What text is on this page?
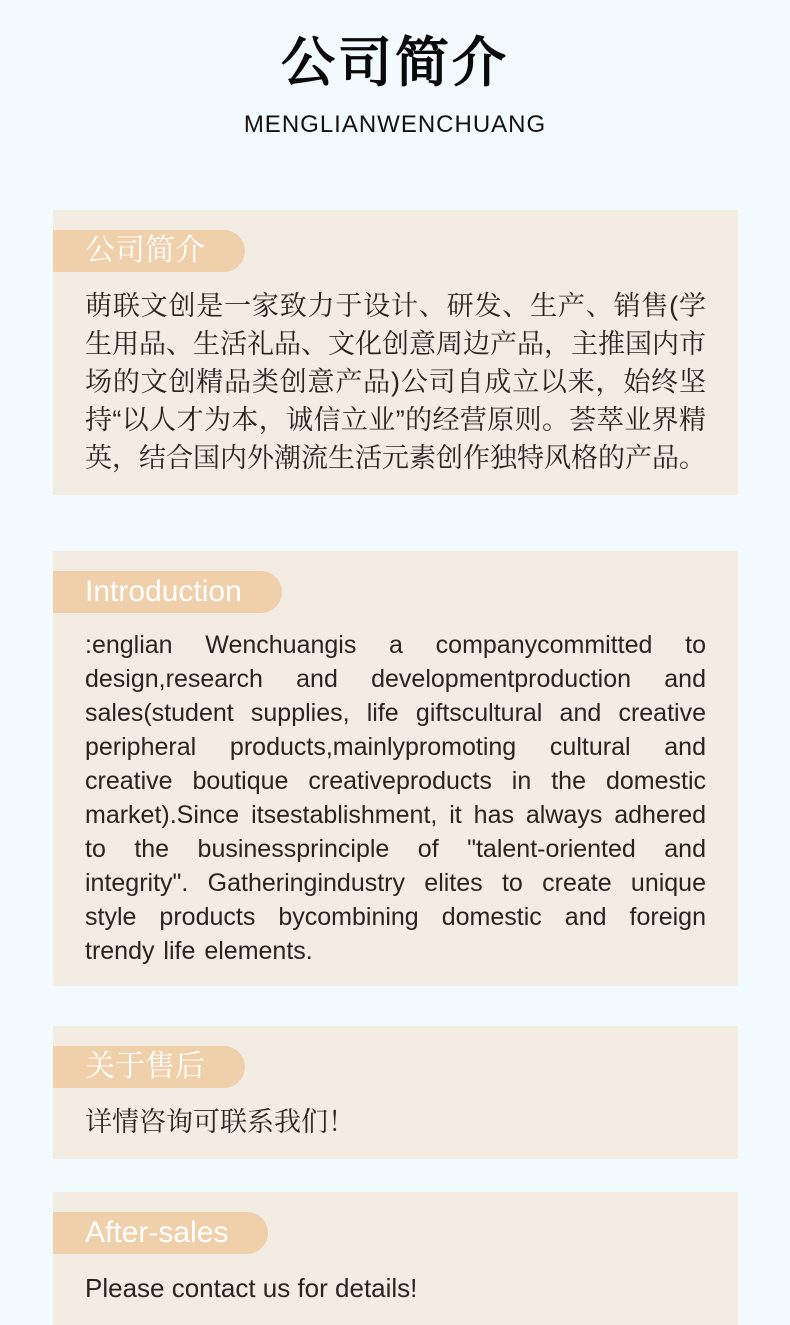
公司简介
MENGLIANWENCHUANG
公司简介

萌联文创是一家致力于设计、研发、生产、销售(学生用品、生活礼品、文化创意周边产品，主推国内市场的文创精品类创意产品)公司自成立以来，始终坚持“以人才为本，诚信立业”的经营原则。荟萃业界精英，结合国内外潮流生活元素创作独特风格的产品。

Introduction

:englian Wenchuangis a companycommitted to design,research and developmentproduction and sales(student supplies, life giftscultural and creative peripheral products,mainlypromoting cultural and creative boutique creativeproducts in the domestic market).Since itsestablishment, it has always adhered to the businessprinciple of "talent-oriented and integrity". Gatheringindustry elites to create unique style products bycombining domestic and foreign trendy life elements.

关于售后

详情咨询可联系我们！

After-sales

Please contact us for details!
